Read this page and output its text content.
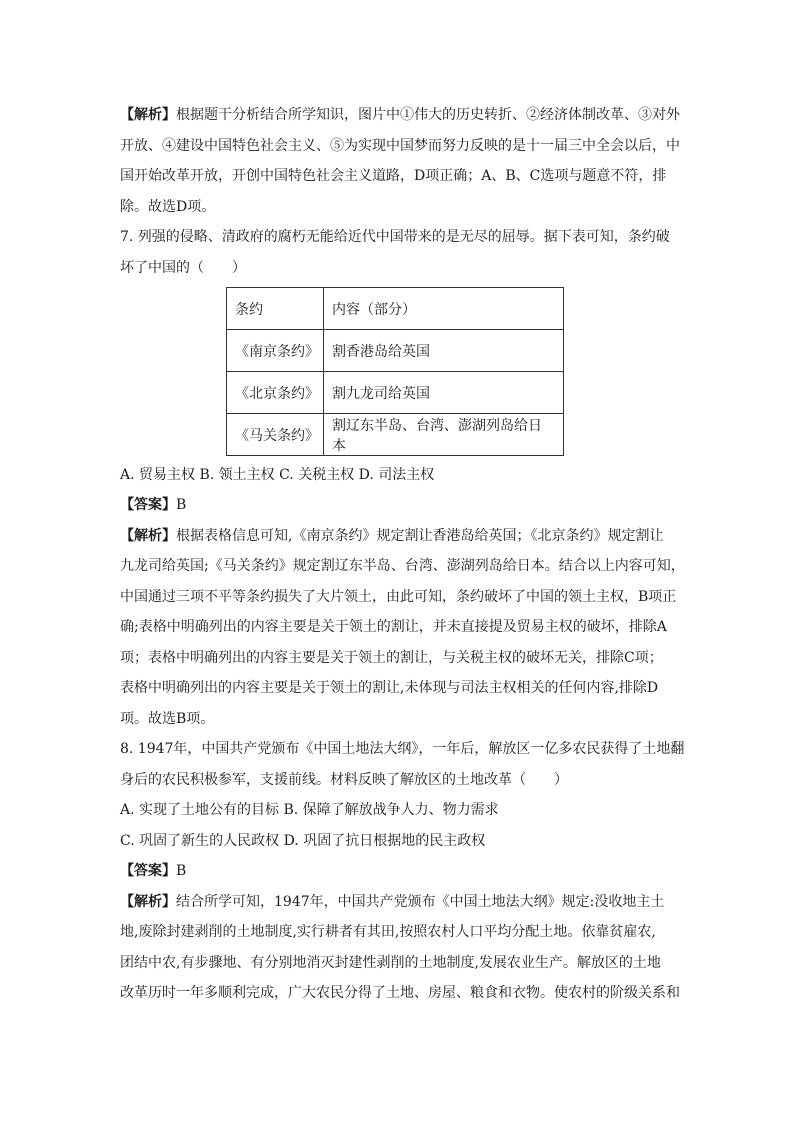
【解析】根据题干分析结合所学知识，图片中①伟大的历史转折、②经济体制改革、③对外
开放、④建设中国特色社会主义、⑤为实现中国梦而努力反映的是十一届三中全会以后，中
国开始改革开放，开创中国特色社会主义道路，D项正确；A、B、C选项与题意不符，排
除。故选D项。
7. 列强的侵略、清政府的腐朽无能给近代中国带来的是无尽的屈辱。据下表可知，条约破
坏了中国的（　　）
条约	内容（部分）
《南京条约》	割香港岛给英国
《北京条约》	割九龙司给英国
《马关条约》	割辽东半岛、台湾、澎湖列岛给日本
A. 贸易主权 B. 领土主权 C. 关税主权 D. 司法主权
【答案】B
【解析】根据表格信息可知,《南京条约》规定割让香港岛给英国；《北京条约》规定割让
九龙司给英国;《马关条约》规定割辽东半岛、台湾、澎湖列岛给日本。结合以上内容可知，
中国通过三项不平等条约损失了大片领土，由此可知，条约破坏了中国的领土主权，B项正
确;表格中明确列出的内容主要是关于领土的割让，并未直接提及贸易主权的破坏，排除A
项；表格中明确列出的内容主要是关于领土的割让，与关税主权的破坏无关，排除C项；
表格中明确列出的内容主要是关于领土的割让,未体现与司法主权相关的任何内容,排除D
项。故选B项。
8. 1947年，中国共产党颁布《中国土地法大纲》，一年后，解放区一亿多农民获得了土地翻
身后的农民积极参军，支援前线。材料反映了解放区的土地改革（　　）
A. 实现了土地公有的目标 B. 保障了解放战争人力、物力需求
C. 巩固了新生的人民政权 D. 巩固了抗日根据地的民主政权
【答案】B
【解析】结合所学可知，1947年，中国共产党颁布《中国土地法大纲》规定:没收地主土
地,废除封建剥削的土地制度,实行耕者有其田,按照农村人口平均分配土地。依靠贫雇农,
团结中农,有步骤地、有分别地消灭封建性剥削的土地制度,发展农业生产。解放区的土地
改革历时一年多顺利完成，广大农民分得了土地、房屋、粮食和衣物。使农村的阶级关系和
